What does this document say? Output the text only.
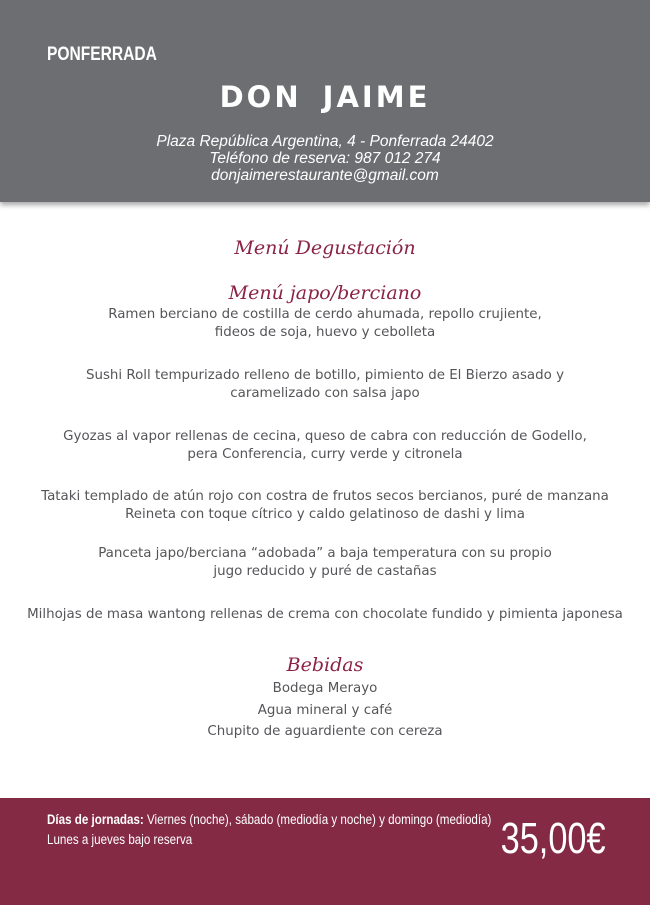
PONFERRADA
DON JAIME
Plaza República Argentina, 4 - Ponferrada 24402
Teléfono de reserva: 987 012 274
donjaimerestaurante@gmail.com
Menú Degustación
Menú japo/berciano
Ramen berciano de costilla de cerdo ahumada, repollo crujiente,
fideos de soja, huevo y cebolleta
Sushi Roll tempurizado relleno de botillo, pimiento de El Bierzo asado y
caramelizado con salsa japo
Gyozas al vapor rellenas de cecina, queso de cabra con reducción de Godello,
pera Conferencia, curry verde y citronela
Tataki templado de atún rojo con costra de frutos secos bercianos, puré de manzana
Reineta con toque cítrico y caldo gelatinoso de dashi y lima
Panceta japo/berciana “adobada” a baja temperatura con su propio
jugo reducido y puré de castañas
Milhojas de masa wantong rellenas de crema con chocolate fundido y pimienta japonesa
Bebidas
Bodega Merayo
Agua mineral y café
Chupito de aguardiente con cereza
Días de jornadas: Viernes (noche), sábado (mediodía y noche) y domingo (mediodía)
Lunes a jueves bajo reserva	35,00€
